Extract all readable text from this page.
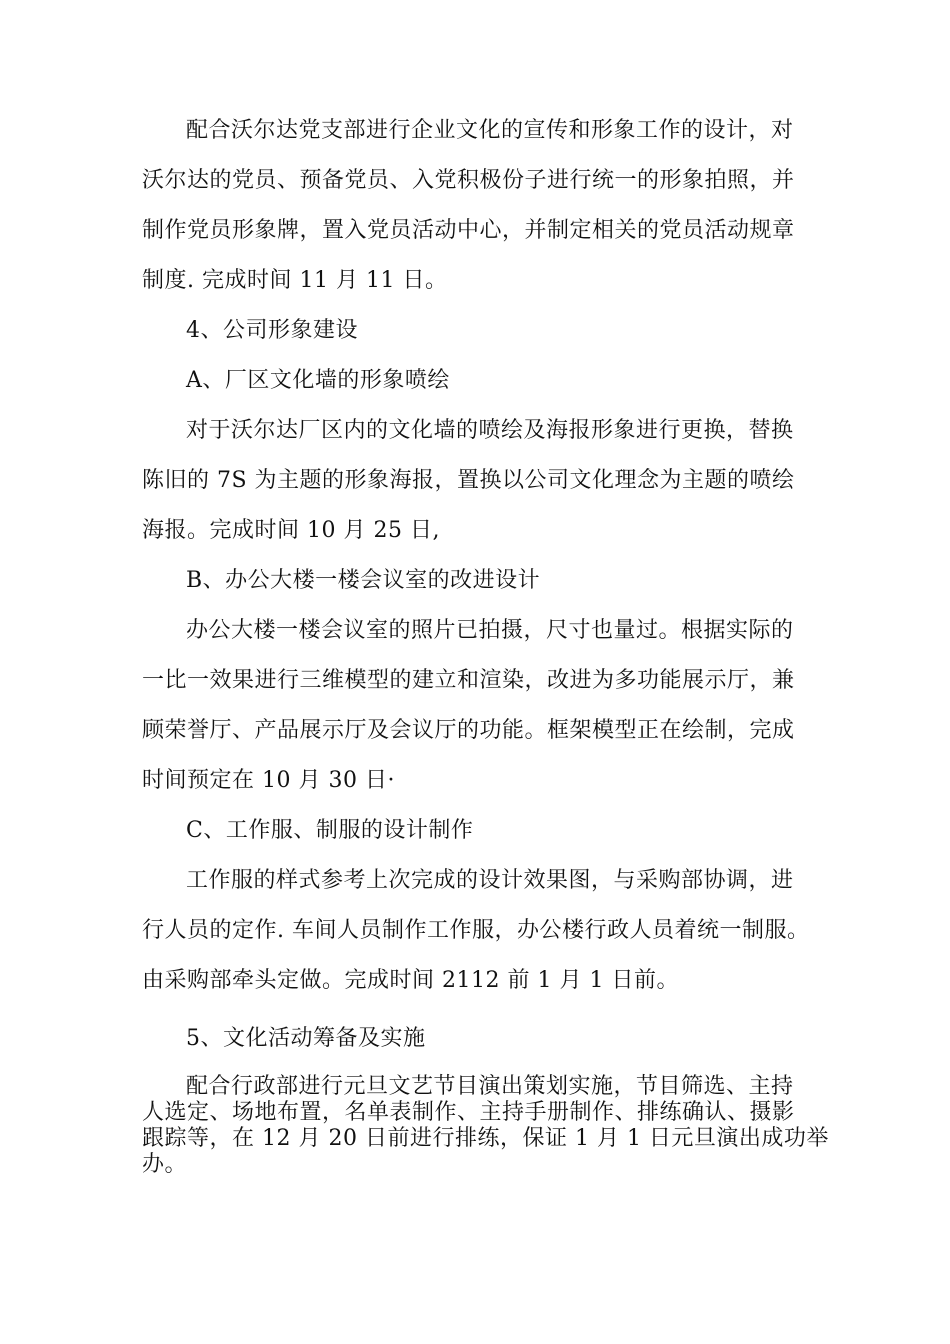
配合沃尔达党支部进行企业文化的宣传和形象工作的设计，对
沃尔达的党员、预备党员、入党积极份子进行统一的形象拍照，并
制作党员形象牌，置入党员活动中心，并制定相关的党员活动规章
制度. 完成时间 11 月 11 日。

4、公司形象建设

A、厂区文化墙的形象喷绘

对于沃尔达厂区内的文化墙的喷绘及海报形象进行更换，替换
陈旧的 7S 为主题的形象海报，置换以公司文化理念为主题的喷绘
海报。完成时间 10 月 25 日,

B、办公大楼一楼会议室的改进设计

办公大楼一楼会议室的照片已拍摄，尺寸也量过。根据实际的
一比一效果进行三维模型的建立和渲染，改进为多功能展示厅，兼
顾荣誉厅、产品展示厅及会议厅的功能。框架模型正在绘制，完成
时间预定在 10 月 30 日·

C、工作服、制服的设计制作

工作服的样式参考上次完成的设计效果图，与采购部协调，进
行人员的定作. 车间人员制作工作服，办公楼行政人员着统一制服。
由采购部牵头定做。完成时间 2112 前 1 月 1 日前。

5、文化活动筹备及实施

配合行政部进行元旦文艺节目演出策划实施，节目筛选、主持
人选定、场地布置，名单表制作、主持手册制作、排练确认、摄影
跟踪等，在 12 月 20 日前进行排练，保证 1 月 1 日元旦演出成功举
办。
